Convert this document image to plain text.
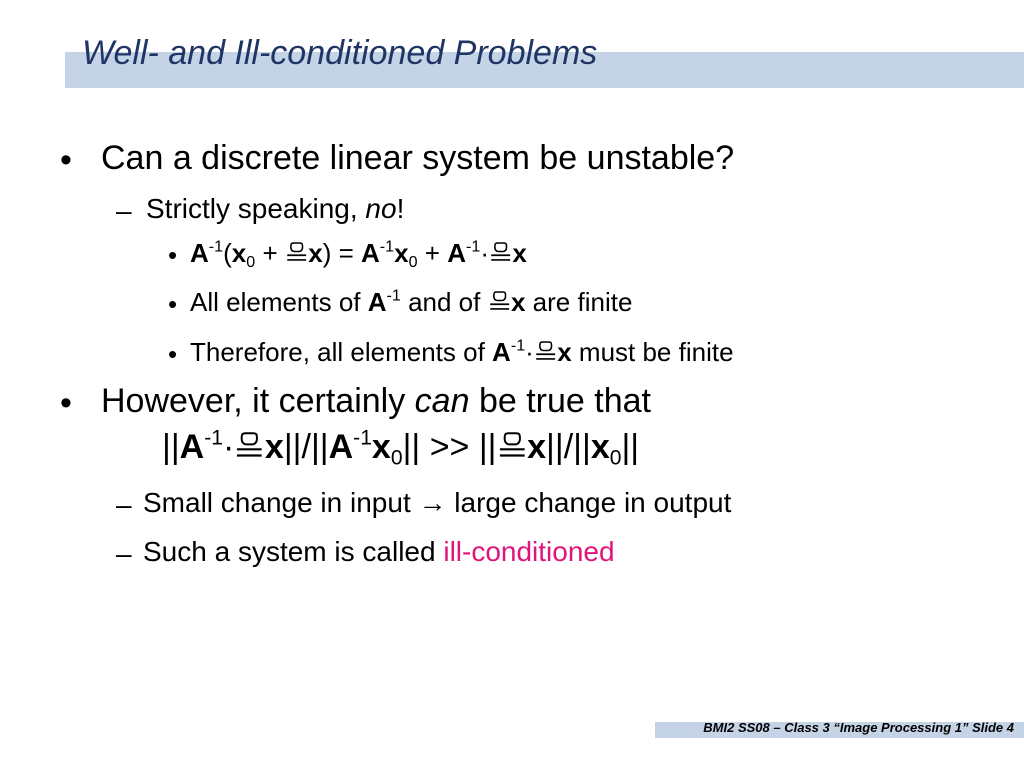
Well- and Ill-conditioned Problems
• Can a discrete linear system be unstable?
– Strictly speaking, no!
• $A^{-1}(x_0$ +
$x) = A^{-1}x_0 + A^{-1}\cdot x$
• All elements of $A^{-1}$ and of
x are finite
• Therefore, all elements of $A^{-1}\cdot x$ must be finite
• However, it certainly can be true that
$||A^{-1}\cdot x||/||A^{-1}x_0||$ >> || $x||/||x_0||$
– Small change in input → large change in output
– Such a system is called ill-conditioned

BMI2 SS08 – Class 3 “Image Processing 1” Slide 4
